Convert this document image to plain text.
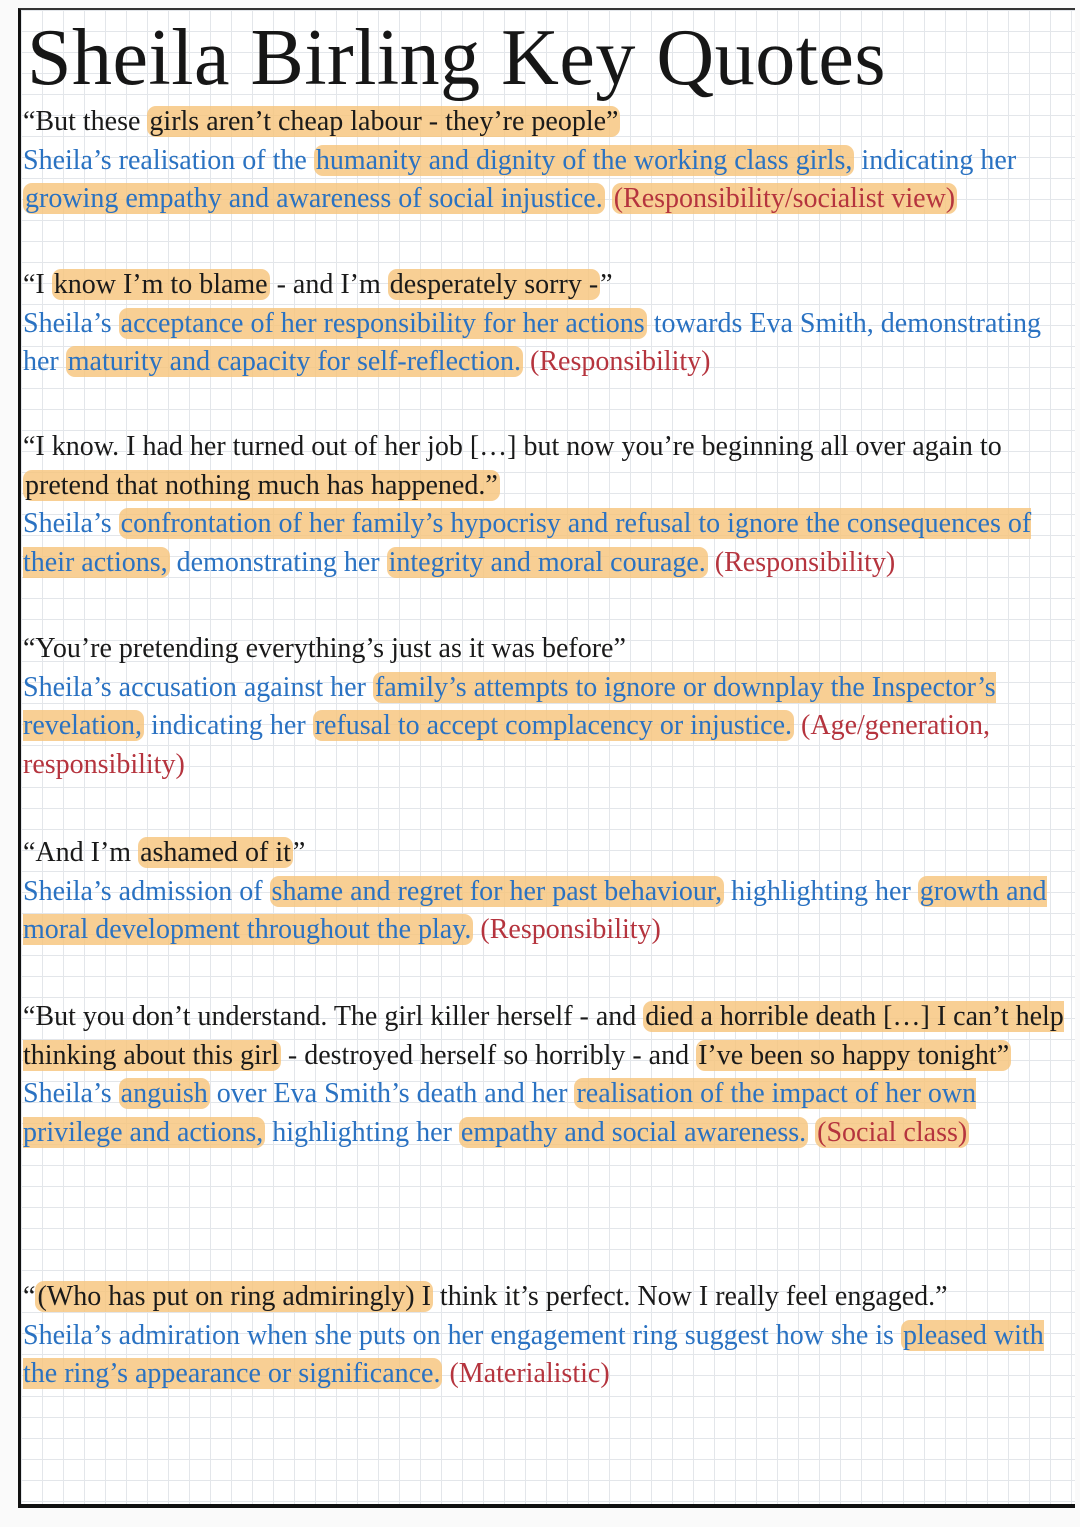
Sheila Birling Key Quotes

“But these girls aren’t cheap labour - they’re people”

Sheila’s realisation of the humanity and dignity of the working class girls, indicating her growing empathy and awareness of social injustice. (Responsibility/socialist view)

“I know I’m to blame - and I’m desperately sorry -”

Sheila’s acceptance of her responsibility for her actions towards Eva Smith, demonstrating her maturity and capacity for self-reflection. (Responsibility)

“I know. I had her turned out of her job […] but now you’re beginning all over again to pretend that nothing much has happened.”

Sheila’s confrontation of her family’s hypocrisy and refusal to ignore the consequences of their actions, demonstrating her integrity and moral courage. (Responsibility)

“You’re pretending everything’s just as it was before”

Sheila’s accusation against her family’s attempts to ignore or downplay the Inspector’s revelation, indicating her refusal to accept complacency or injustice. (Age/generation, responsibility)

“And I’m ashamed of it”

Sheila’s admission of shame and regret for her past behaviour, highlighting her growth and moral development throughout the play. (Responsibility)

“But you don’t understand. The girl killer herself - and died a horrible death […] I can’t help thinking about this girl - destroyed herself so horribly - and I’ve been so happy tonight”

Sheila’s anguish over Eva Smith’s death and her realisation of the impact of her own privilege and actions, highlighting her empathy and social awareness. (Social class)

“(Who has put on ring admiringly) I think it’s perfect. Now I really feel engaged.”

Sheila’s admiration when she puts on her engagement ring suggest how she is pleased with the ring’s appearance or significance. (Materialistic)
